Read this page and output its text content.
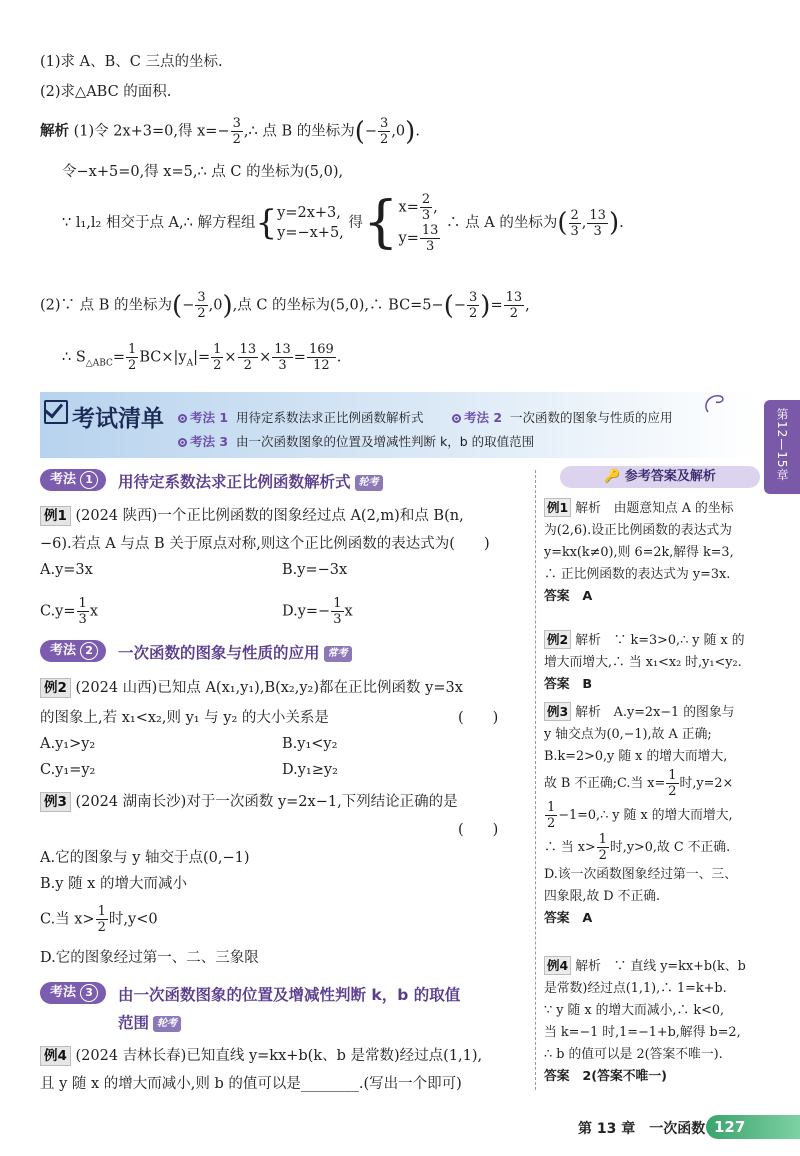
(1)求 A、B、C 三点的坐标.
(2)求△ABC 的面积.
解析 (1)令 2x+3=0,得 $x=- \frac{3}{2}$ ,∴ 点 B 的坐标为(− $\frac{3}{2} ,0$).
令−x+5=0,得 x=5,∴ 点 C 的坐标为(5,0),
∵ l₁,l₂ 相交于点 A,∴ 解方程组{ y=2x+3,
y=−x+5,
得{ $x= \frac{2}{3}$ ,
$y= \frac{13}{3}$ ∴ 点 A 的坐标为( $\frac{2}{3}$ , $\frac{13}{3}$ ).
(2)∵ 点 B 的坐标为(− $\frac{3}{2} ,0$),点 C 的坐标为(5,0),∴ $BC=5-(- \frac{3}{2}$ )= $\frac{13}{2}$ ,
∴ $S_{\triangle ABC}= \frac{1}{2} BC\times|y_A|= \frac{1}{2} \times \frac{13}{2} \times \frac{13}{3} = \frac{169}{12}$ .
考试清单	考法 1 用待定系数法求正比例函数解析式	考法 2 一次函数的图象与性质的应用
考法 3 由一次函数图象的位置及增减性判断 k，b 的取值范围	第12—15章
考法 1	用待定系数法求正比例函数解析式 轮考
例1 (2024 陕西)一个正比例函数的图象经过点 A(2,m)和点 B(n,
−6).若点 A 与点 B 关于原点对称,则这个正比例函数的表达式为(　　)
A.y=3x	B.y=−3x
$C.y= \frac{1}{3}$ x	$D.y=- \frac{1}{3}$ x
考法 2	一次函数的图象与性质的应用 常考
例2 (2024 山西)已知点 A(x₁,y₁),B(x₂,y₂)都在正比例函数 y=3x
的图象上,若 x₁<x₂,则 y₁ 与 y₂ 的大小关系是	(　　)
A.y₁>y₂	B.y₁<y₂
C.y₁=y₂	D.y₁≥y₂
例3 (2024 湖南长沙)对于一次函数 y=2x−1,下列结论正确的是
(　　)
A.它的图象与 y 轴交于点(0,−1)
B.y 随 x 的增大而减小
C.当 $x> \frac{1}{2}$ 时,y<0
D.它的图象经过第一、二、三象限
考法 3	由一次函数图象的位置及增减性判断 k，b 的取值
范围 轮考
例4 (2024 吉林长春)已知直线 y=kx+b(k、b 是常数)经过点(1,1),
且 y 随 x 的增大而减小,则 b 的值可以是________.(写出一个即可)
🔑 参考答案及解析
例1 解析　由题意知点 A 的坐标
为(2,6).设正比例函数的表达式为
y=kx(k≠0),则 6=2k,解得 k=3,
∴ 正比例函数的表达式为 y=3x.
答案　A
例2 解析　∵ k=3>0,∴ y 随 x 的
增大而增大,∴ 当 x₁<x₂ 时,y₁<y₂.
答案　B
例3 解析　A.y=2x−1 的图象与
y 轴交点为(0,−1),故 A 正确;
B.k=2>0,y 随 x 的增大而增大,
故 B 不正确;C.当 $x= \frac{1}{2}$ 时,y=2×
$\frac{1}{2}$ −1=0,∴ y 随 x 的增大而增大,
∴ 当 $x> \frac{1}{2}$ 时,y>0,故 C 不正确.
D.该一次函数图象经过第一、三、
四象限,故 D 不正确.
答案　A
例4 解析　∵ 直线 y=kx+b(k、b
是常数)经过点(1,1),∴ 1=k+b.
∵ y 随 x 的增大而减小,∴ k<0,
当 k=−1 时,1=−1+b,解得 b=2,
∴ b 的值可以是 2(答案不唯一).
答案　2(答案不唯一)
第 13 章　一次函数 127
